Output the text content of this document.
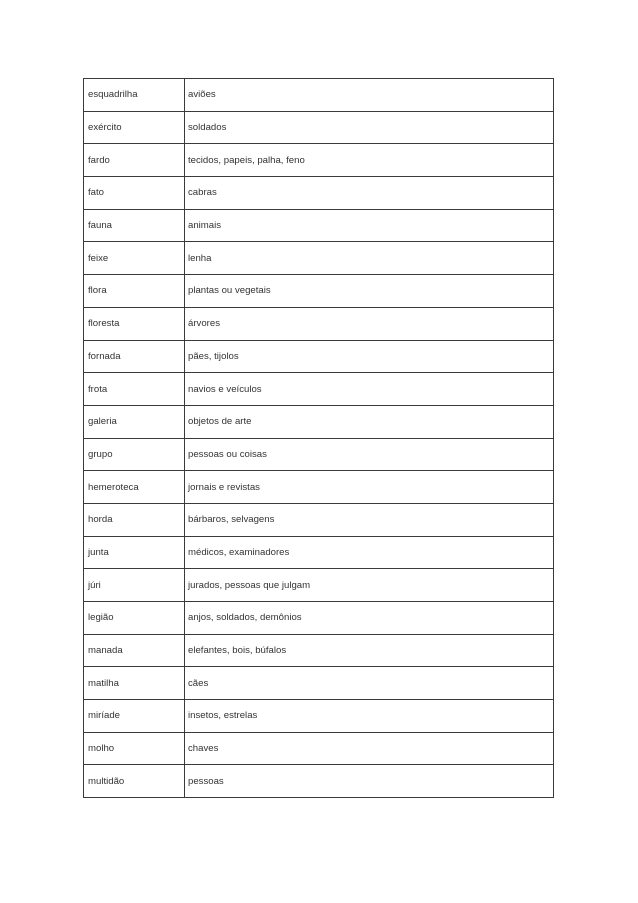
esquadrilha	aviões
exército	soldados
fardo	tecidos, papeis, palha, feno
fato	cabras
fauna	animais
feixe	lenha
flora	plantas ou vegetais
floresta	árvores
fornada	pães, tijolos
frota	navios e veículos
galeria	objetos de arte
grupo	pessoas ou coisas
hemeroteca	jornais e revistas
horda	bárbaros, selvagens
junta	médicos, examinadores
júri	jurados, pessoas que julgam
legião	anjos, soldados, demônios
manada	elefantes, bois, búfalos
matilha	cães
miríade	insetos, estrelas
molho	chaves
multidão	pessoas
